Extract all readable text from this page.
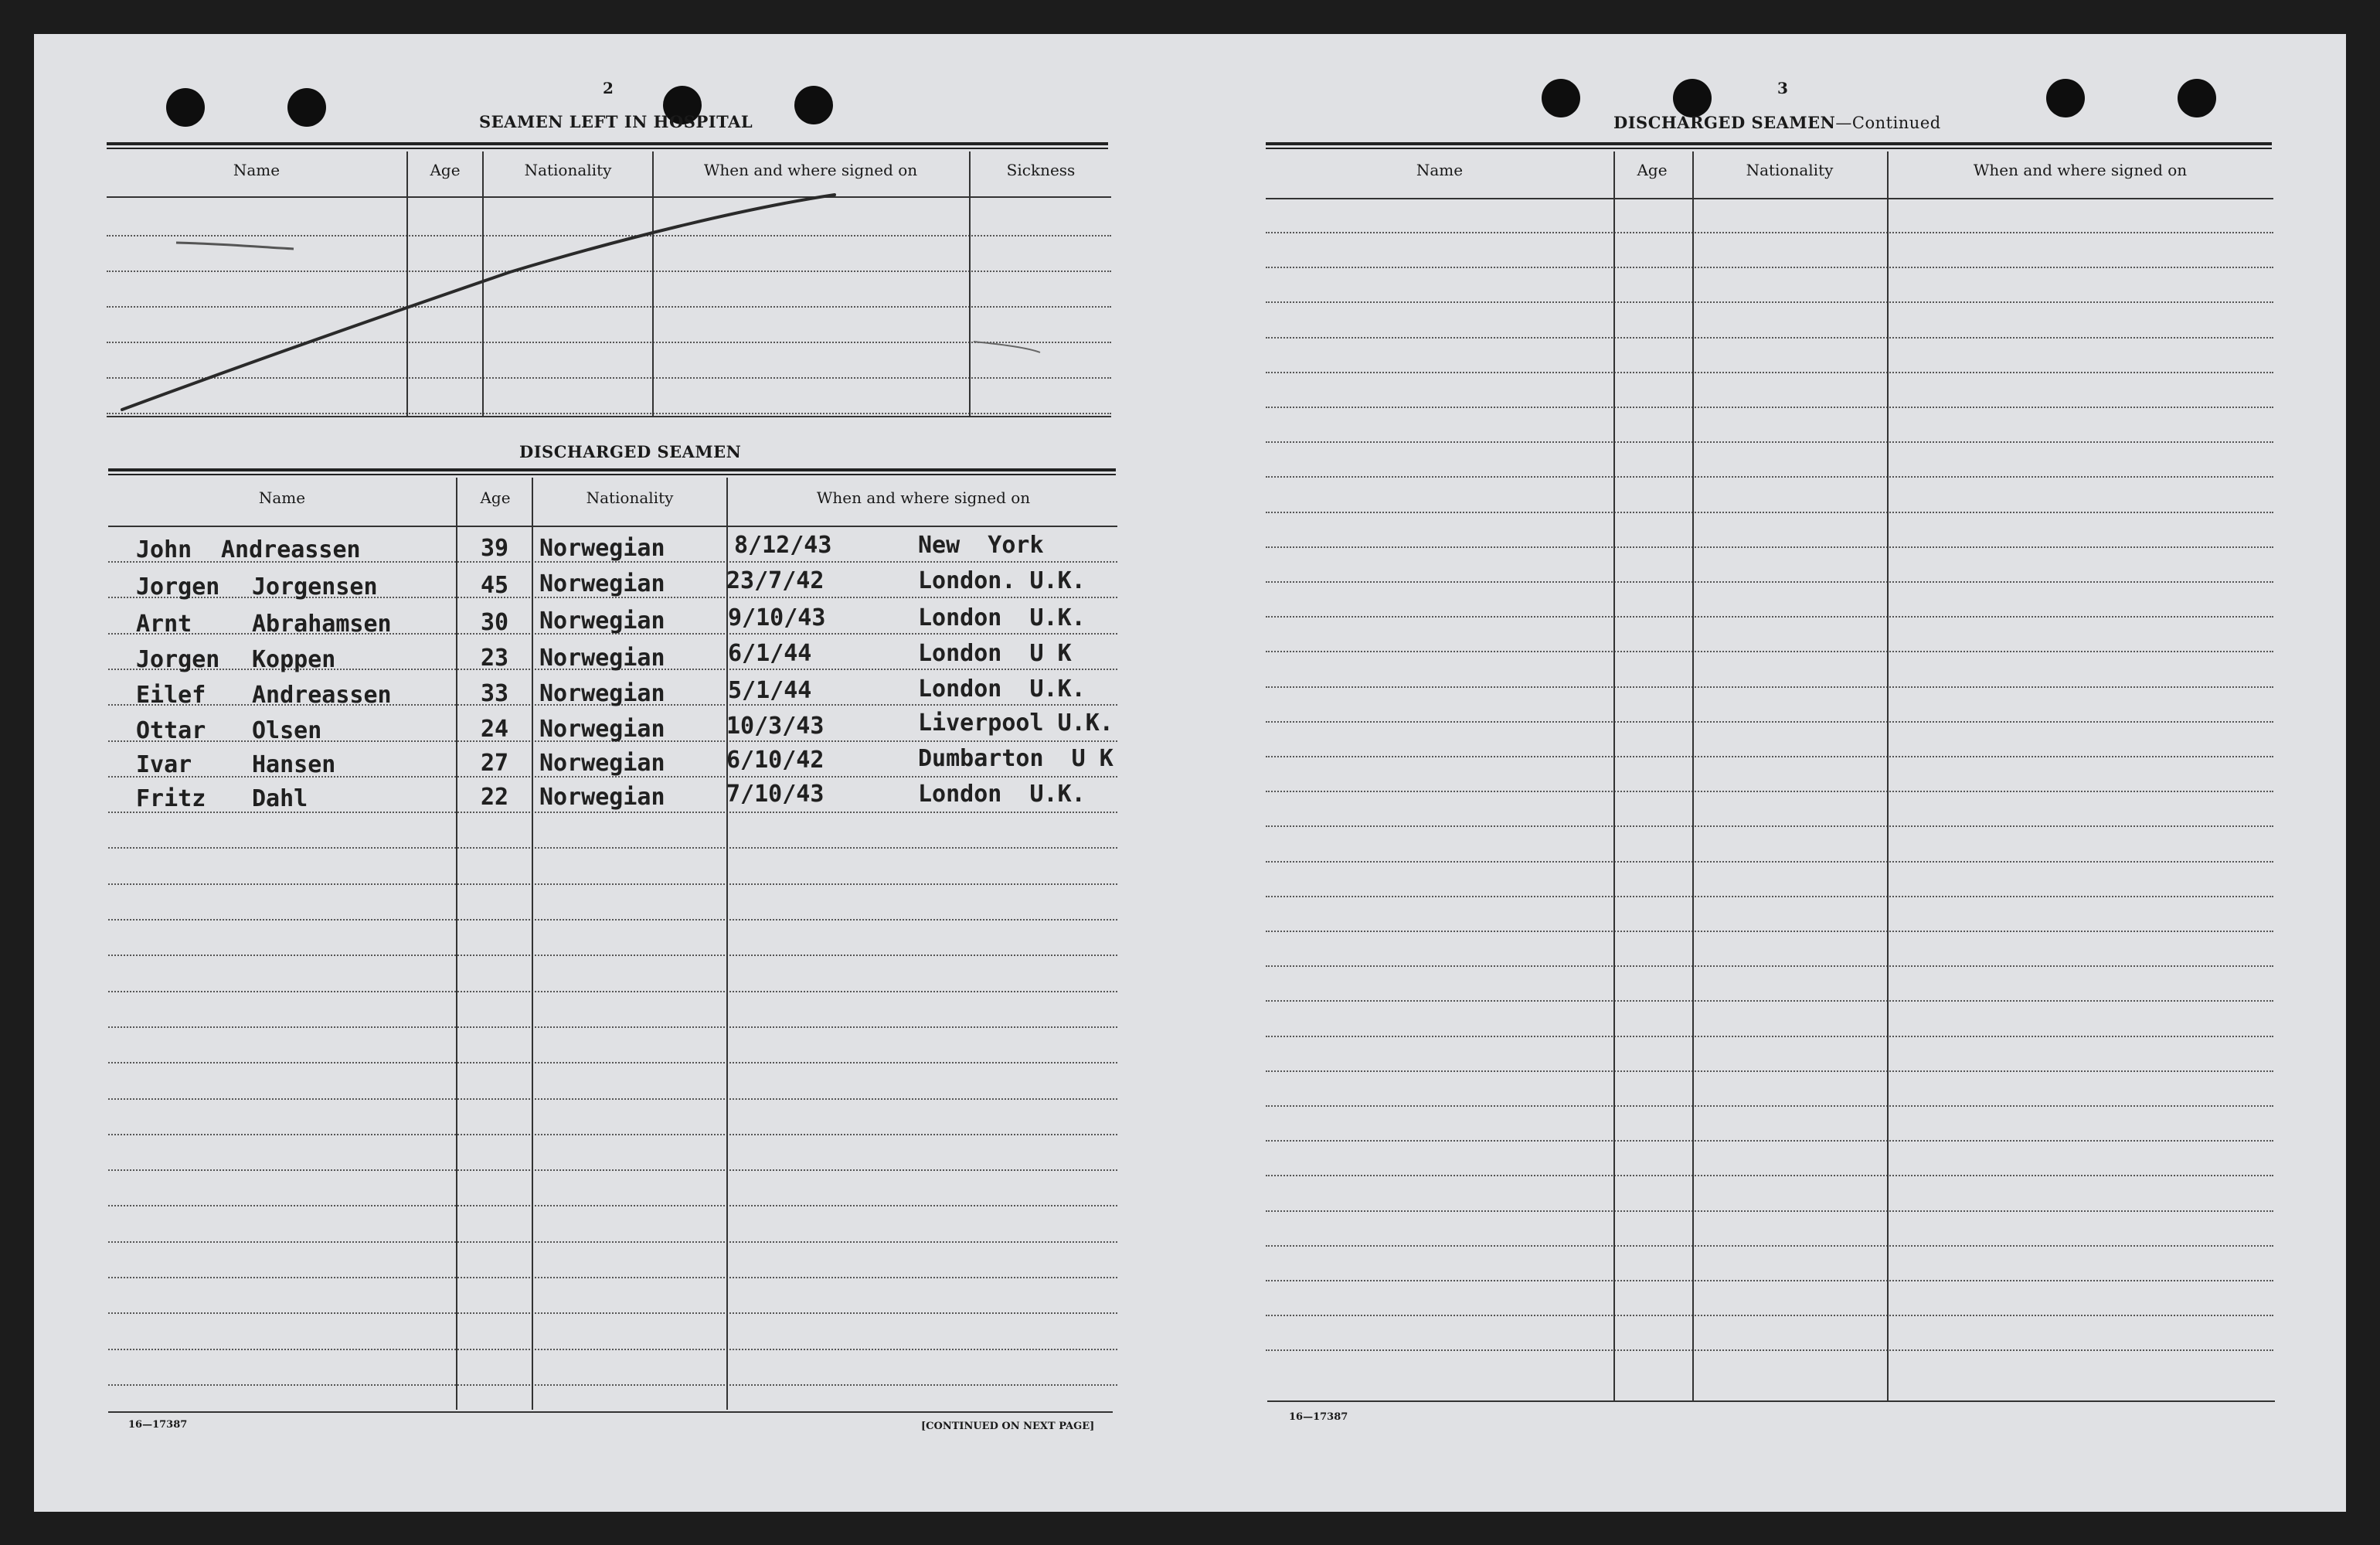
2
SEAMEN LEFT IN HOSPITAL
Name	Age	Nationality	When and where signed on	Sickness
DISCHARGED SEAMEN
Name	Age	Nationality	When and where signed on
John Andreassen	39 Norwegian	8/12/43	New  York
Jorgen Jorgensen	45 Norwegian	23/7/42	London. U.K.
Arnt	Abrahamsen	30 Norwegian	9/10/43	London  U.K.
Jorgen Koppen	23 Norwegian	6/1/44	London  U K
Eilef Andreassen	33 Norwegian	5/1/44	London  U.K.
Ottar Olsen	24 Norwegian	10/3/43	Liverpool U.K.
Ivar	Hansen	27 Norwegian	6/10/42	Dumbarton  U K
Fritz Dahl	22 Norwegian	7/10/43	London  U.K.
16—17387	[CONTINUED ON NEXT PAGE]
3
DISCHARGED SEAMEN—Continued
Name	Age	Nationality	When and where signed on
16—17387
